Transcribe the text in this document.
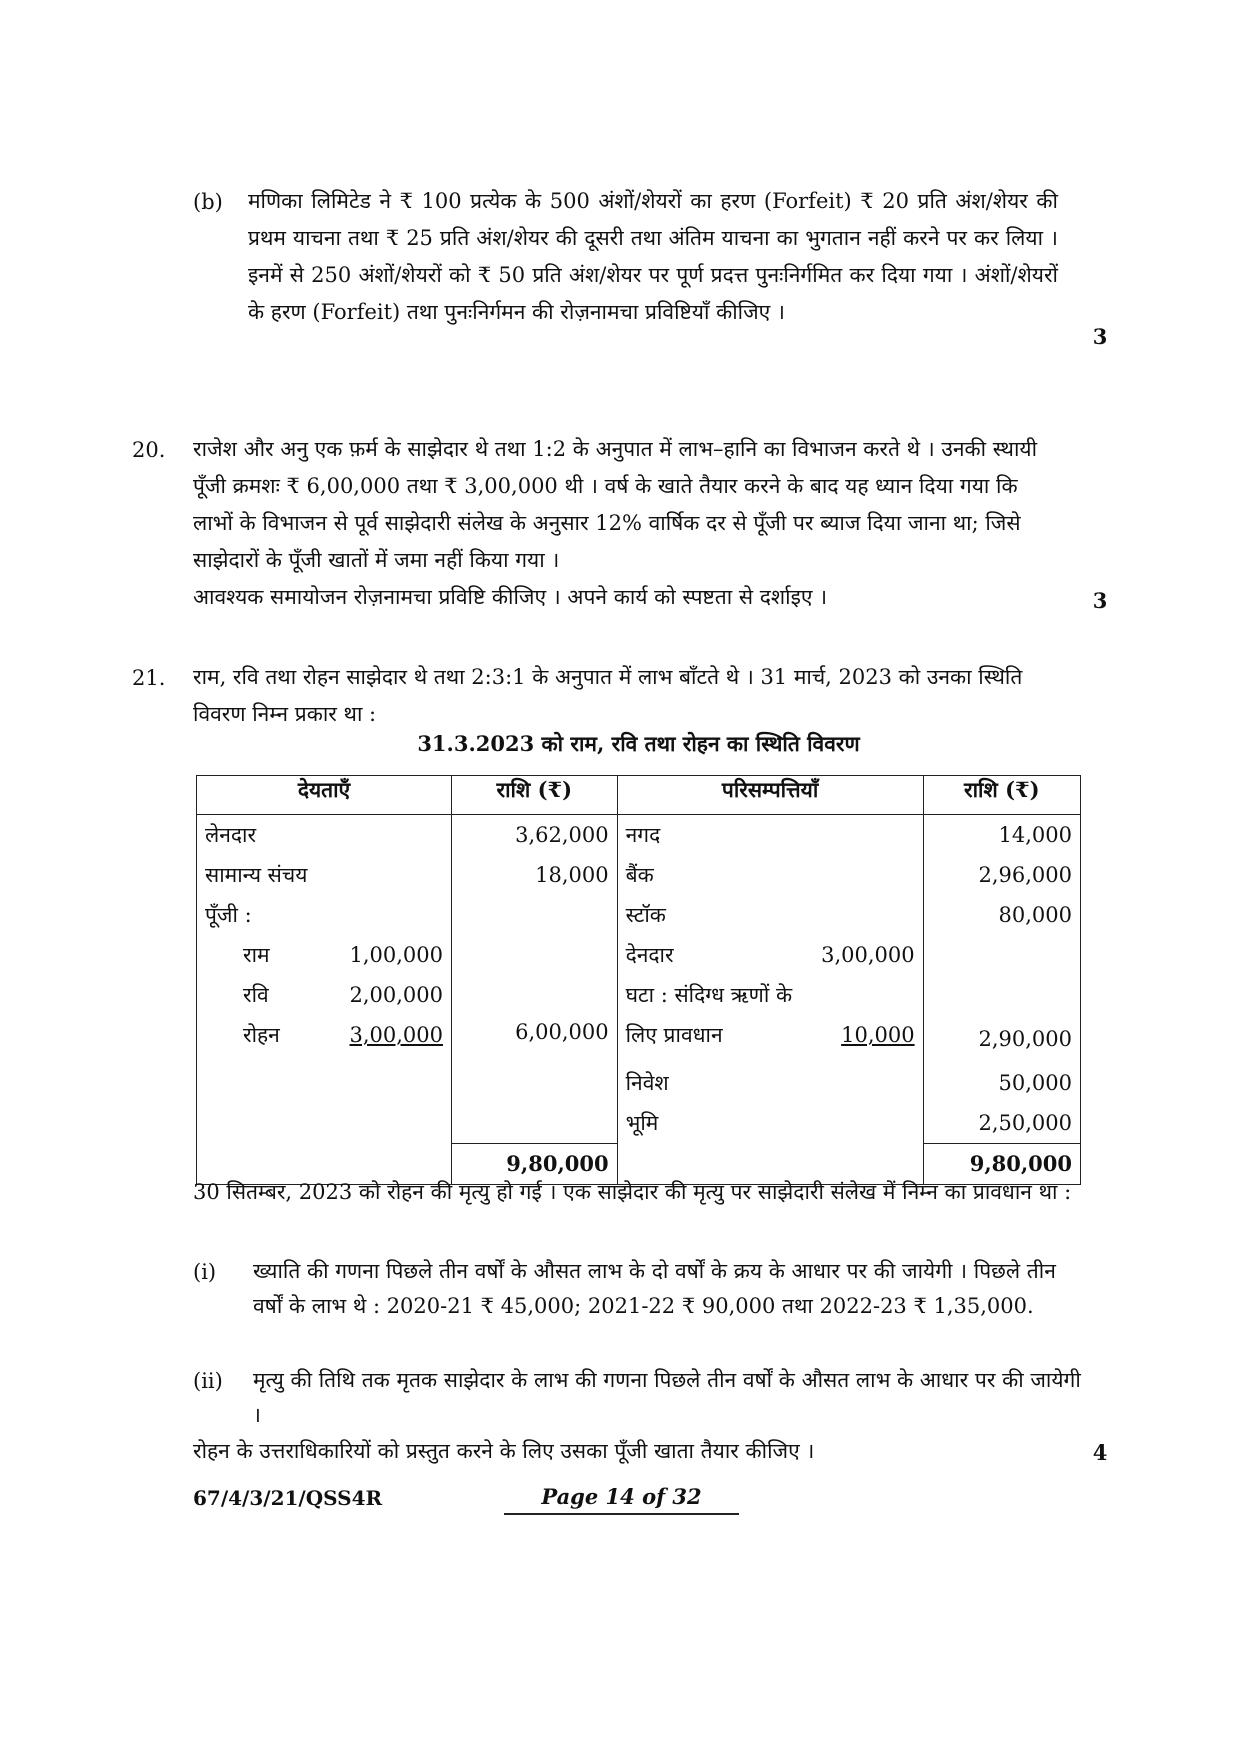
(b) मणिका लिमिटेड ने ₹ 100 प्रत्येक के 500 अंशों/शेयरों का हरण (Forfeit) ₹ 20 प्रति अंश/शेयर की प्रथम याचना तथा ₹ 25 प्रति अंश/शेयर की दूसरी तथा अंतिम याचना का भुगतान नहीं करने पर कर लिया । इनमें से 250 अंशों/शेयरों को ₹ 50 प्रति अंश/शेयर पर पूर्ण प्रदत्त पुनःनिर्गमित कर दिया गया । अंशों/शेयरों के हरण (Forfeit) तथा पुनःनिर्गमन की रोज़नामचा प्रविष्टियाँ कीजिए ।
3
20. राजेश और अनु एक फ़र्म के साझेदार थे तथा 1:2 के अनुपात में लाभ–हानि का विभाजन करते थे । उनकी स्थायी पूँजी क्रमशः ₹ 6,00,000 तथा ₹ 3,00,000 थी । वर्ष के खाते तैयार करने के बाद यह ध्यान दिया गया कि लाभों के विभाजन से पूर्व साझेदारी संलेख के अनुसार 12% वार्षिक दर से पूँजी पर ब्याज दिया जाना था; जिसे साझेदारों के पूँजी खातों में जमा नहीं किया गया ।
आवश्यक समायोजन रोज़नामचा प्रविष्टि कीजिए । अपने कार्य को स्पष्टता से दर्शाइए ।	3
21. राम, रवि तथा रोहन साझेदार थे तथा 2:3:1 के अनुपात में लाभ बाँटते थे । 31 मार्च, 2023 को उनका स्थिति विवरण निम्न प्रकार था :
31.3.2023 को राम, रवि तथा रोहन का स्थिति विवरण
देयताएँ	राशि (₹)	परिसम्पत्तियाँ	राशि (₹)
लेनदार	3,62,000	नगद	14,000
सामान्य संचय	18,000	बैंक	2,96,000
पूँजी :		स्टॉक	80,000

राम 1,00,000		देनदार 3,00,000	

रवि 2,00,000		घटा : संदिग्ध ऋणों के	

रोहन 3,00,000	6,00,000	लिए प्रावधान 10,000	2,90,000
		निवेश	50,000
		भूमि	2,50,000
	9,80,000		9,80,000
30 सितम्बर, 2023 को रोहन की मृत्यु हो गई । एक साझेदार की मृत्यु पर साझेदारी संलेख में निम्न का प्रावधान था :
(i) ख्याति की गणना पिछले तीन वर्षों के औसत लाभ के दो वर्षों के क्रय के आधार पर की जायेगी । पिछले तीन वर्षों के लाभ थे : 2020-21 ₹ 45,000; 2021-22 ₹ 90,000 तथा 2022-23 ₹ 1,35,000.
(ii) मृत्यु की तिथि तक मृतक साझेदार के लाभ की गणना पिछले तीन वर्षों के औसत लाभ के आधार पर की जायेगी ।
रोहन के उत्तराधिकारियों को प्रस्तुत करने के लिए उसका पूँजी खाता तैयार कीजिए ।	4
67/4/3/21/QSS4R	Page 14 of 32
